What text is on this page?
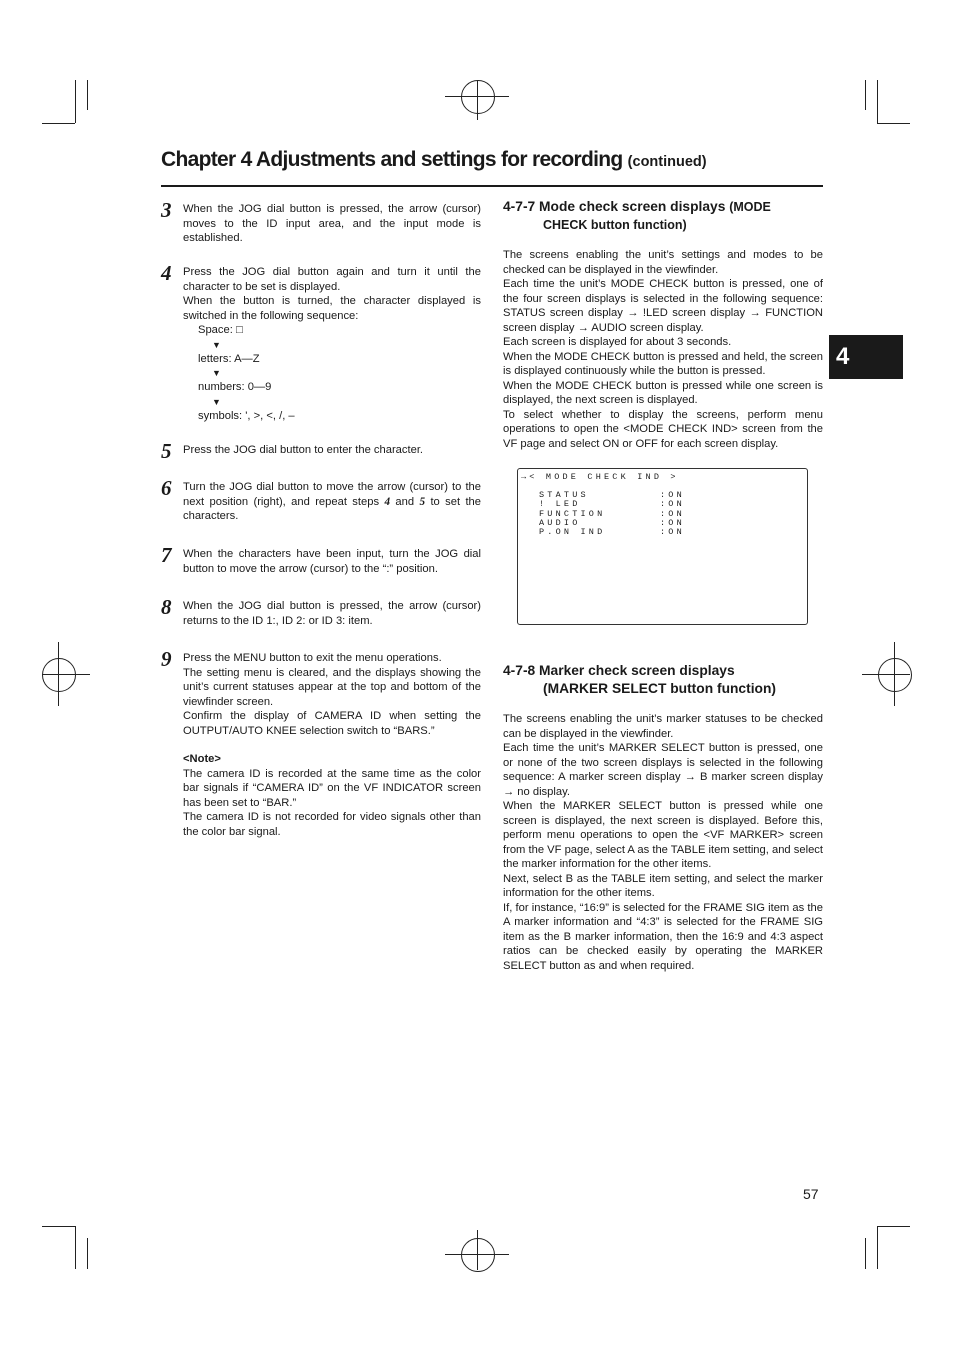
Chapter 4 Adjustments and settings for recording (continued)
4
3 When the JOG dial button is pressed, the arrow (cursor) moves to the ID input area, and the input mode is established.

4 Press the JOG dial button again and turn it until the character to be set is displayed.

When the button is turned, the character displayed is switched in the following sequence:

Space: □
▼
letters: A—Z
▼
numbers: 0—9
▼
symbols: ', >, <, /, –
5 Press the JOG dial button to enter the character.

6 Turn the JOG dial button to move the arrow (cursor) to the next position (right), and repeat steps 4 and 5 to set the characters.

7 When the characters have been input, turn the JOG dial button to move the arrow (cursor) to the “:” position.

8 When the JOG dial button is pressed, the arrow (cursor) returns to the ID 1:, ID 2: or ID 3: item.

9 Press the MENU button to exit the menu operations.

The setting menu is cleared, and the displays showing the unit’s current statuses appear at the top and bottom of the viewfinder screen.

Confirm the display of CAMERA ID when setting the OUTPUT/AUTO KNEE selection switch to “BARS.”

<Note>

The camera ID is recorded at the same time as the color bar signals if “CAMERA ID” on the VF INDICATOR screen has been set to “BAR.”

The camera ID is not recorded for video signals other than the color bar signal.

4-7-7 Mode check screen displays (MODE
CHECK button function)

The screens enabling the unit’s settings and modes to be checked can be displayed in the viewfinder.

Each time the unit’s MODE CHECK button is pressed, one of the four screen displays is selected in the following sequence: STATUS screen display → !LED screen display → FUNCTION screen display → AUDIO screen display.

Each screen is displayed for about 3 seconds.

When the MODE CHECK button is pressed and held, the screen is displayed continuously while the button is pressed.

When the MODE CHECK button is pressed while one screen is displayed, the next screen is displayed.

To select whether to display the screens, perform menu operations to open the <MODE CHECK IND> screen from the VF page and select ON or OFF for each screen display.

→< MODE CHECK IND >
STATUS	:ON
! LED	:ON
FUNCTION	:ON
AUDIO	:ON
P.ON IND	:ON
4-7-8 Marker check screen displays
(MARKER SELECT button function)

The screens enabling the unit’s marker statuses to be checked can be displayed in the viewfinder.

Each time the unit’s MARKER SELECT button is pressed, one or none of the two screen displays is selected in the following sequence: A marker screen display → B marker screen display → no display.

When the MARKER SELECT button is pressed while one screen is displayed, the next screen is displayed. Before this, perform menu operations to open the <VF MARKER> screen from the VF page, select A as the TABLE item setting, and select the marker information for the other items.

Next, select B as the TABLE item setting, and select the marker information for the other items.

If, for instance, “16:9” is selected for the FRAME SIG item as the A marker information and “4:3” is selected for the FRAME SIG item as the B marker information, then the 16:9 and 4:3 aspect ratios can be checked easily by operating the MARKER SELECT button as and when required.

57
